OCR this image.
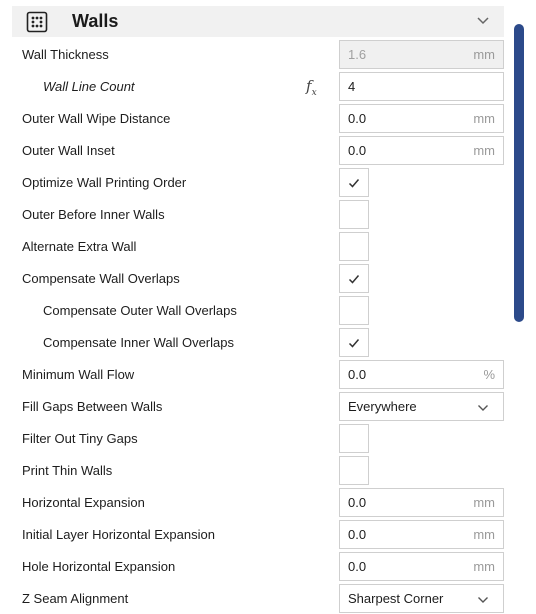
Walls
Wall Thickness	1.6	mm
Wall Line Count	$f_x$	4
Outer Wall Wipe Distance	0.0	mm
Outer Wall Inset	0.0	mm
Optimize Wall Printing Order
Outer Before Inner Walls
Alternate Extra Wall
Compensate Wall Overlaps
Compensate Outer Wall Overlaps
Compensate Inner Wall Overlaps
Minimum Wall Flow	0.0	%
Fill Gaps Between Walls	Everywhere
Filter Out Tiny Gaps
Print Thin Walls
Horizontal Expansion	0.0	mm
Initial Layer Horizontal Expansion	0.0	mm
Hole Horizontal Expansion	0.0	mm
Z Seam Alignment	Sharpest Corner
